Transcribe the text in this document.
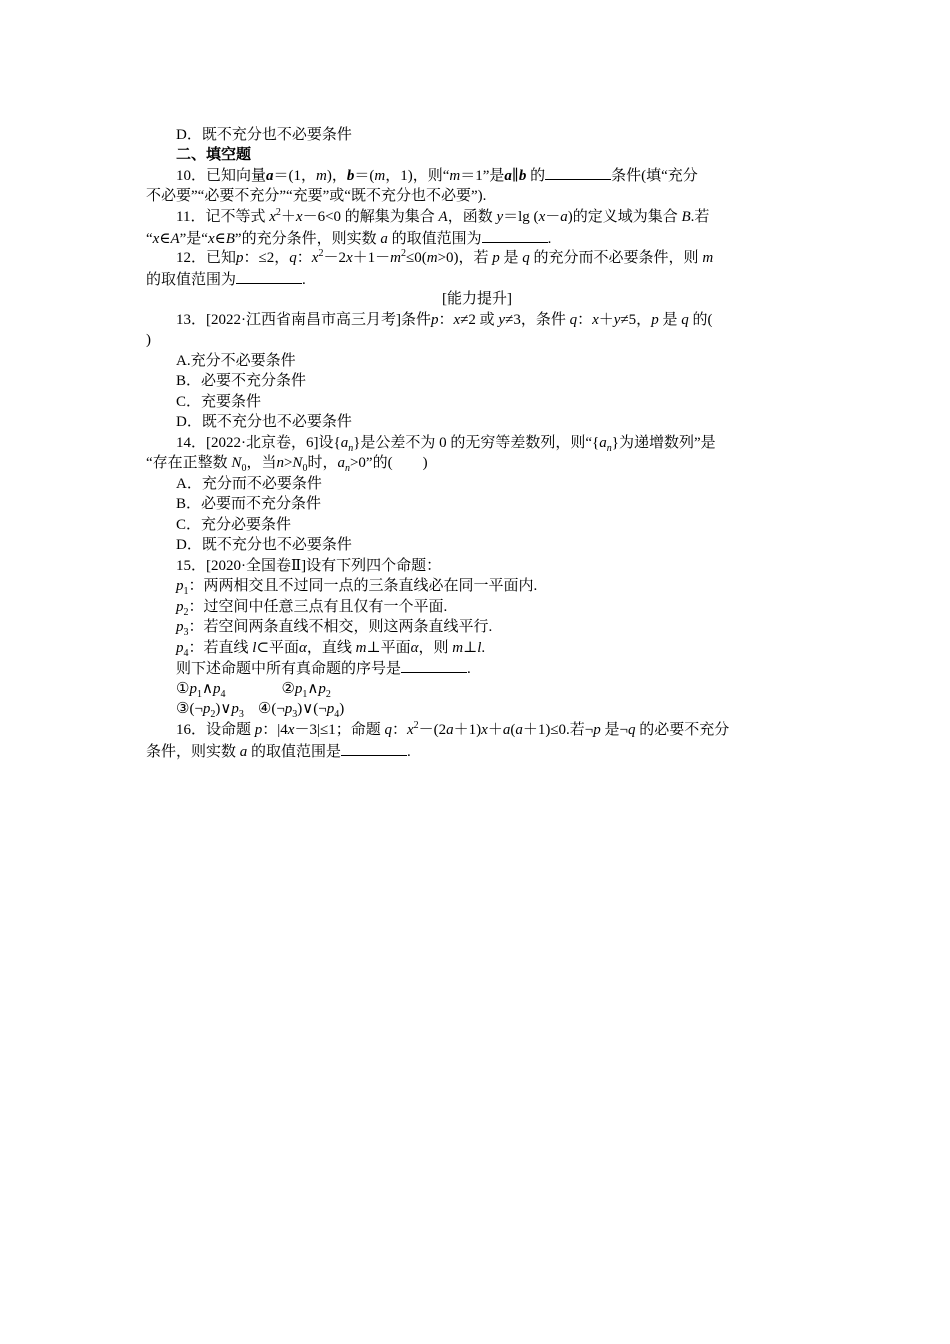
D．既不充分也不必要条件
二、填空题
10．已知向量a＝(1，m)，b＝(m，1)，则“m＝1”是a∥b 的	条件(填“充分
不必要”“必要不充分”“充要”或“既不充分也不必要”).
11．记不等式 $x^2+x-6<0$ 的解集为集合 A，函数 y＝lg (x－a)的定义域为集合 B.若
“x∈A”是“x∈B”的充分条件，则实数 a 的取值范围为	.
12．已知p：≤2，q：$x^2-2x+1-m^2\le 0(m>0)$，若 p 是 q 的充分而不必要条件，则 m
的取值范围为	.
[能力提升]
13．[2022·江西省南昌市高三月考]条件p：x≠2 或 y≠3，条件 q：x＋y≠5，p 是 q 的(
)
A.充分不必要条件
B．必要不充分条件
C．充要条件
D．既不充分也不必要条件
14．[2022·北京卷，6]设$\{a_n\}$是公差不为 0 的无穷等差数列，则“$\{a_n\}$为递增数列”是
“存在正整数 $N_0$，当$n>N_0$时，$a_n>0$”的(　　)
A．充分而不必要条件
B．必要而不充分条件
C．充分必要条件
D．既不充分也不必要条件
15．[2020·全国卷Ⅱ]设有下列四个命题：
$p_1$：两两相交且不过同一点的三条直线必在同一平面内.
$p_2$：过空间中任意三点有且仅有一个平面.
$p_3$：若空间两条直线不相交，则这两条直线平行.
$p_4$：若直线 l⊂平面α，直线 m⊥平面α，则 m⊥l.
则下述命题中所有真命题的序号是	.
$①p_1\wedge p_4$	$②p_1\wedge p_2$
$③(\neg p_2)\vee p_3$ $④(\neg p_3)\vee(\neg p_4)$
16．设命题 p：|4x－3|≤1；命题 q：$x^2-(2a+1)x+a(a+1)\le 0$.若¬p 是¬q 的必要不充分
条件，则实数 a 的取值范围是	.
